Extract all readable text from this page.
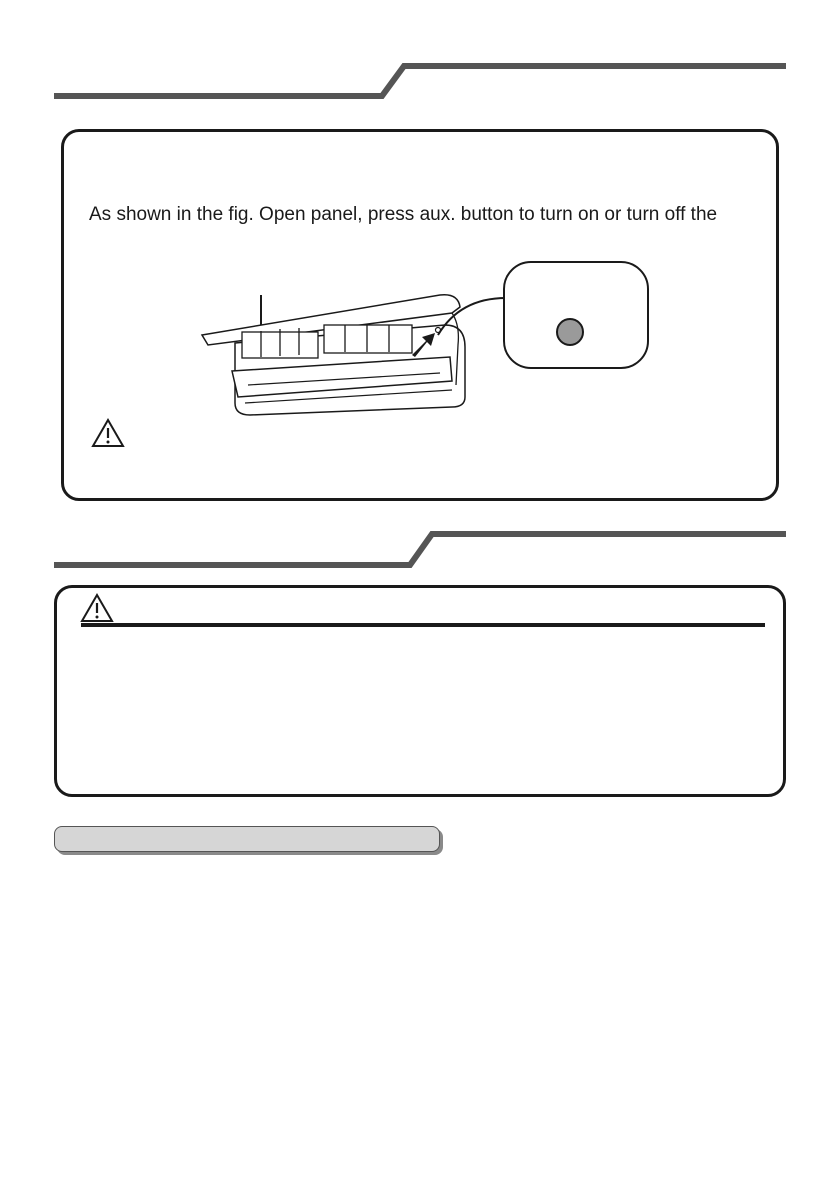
As shown in the fig. Open panel, press aux. button to turn on or turn off the
